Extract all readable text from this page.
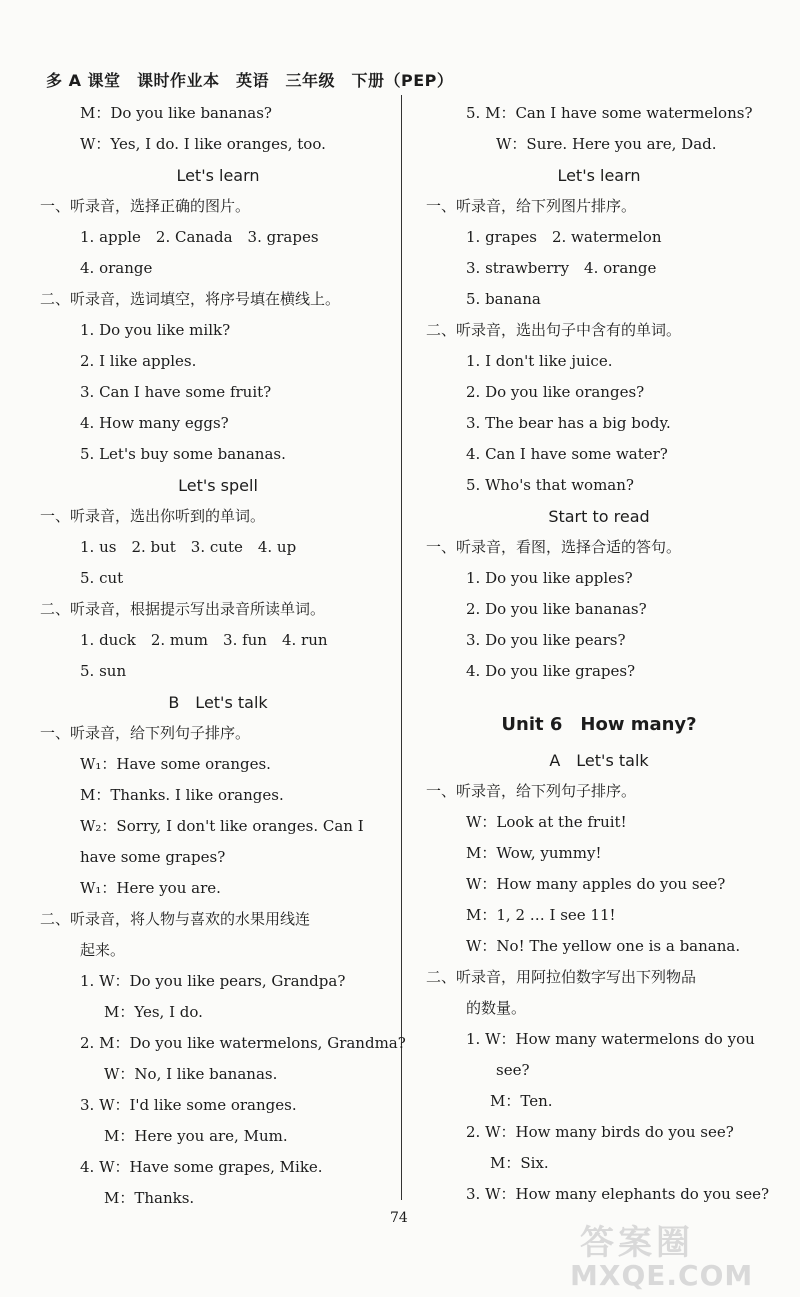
多 A 课堂　课时作业本　英语　三年级　下册（PEP）
M：Do you like bananas?
W：Yes, I do. I like oranges, too.
Let's learn
一、听录音，选择正确的图片。
1. apple　2. Canada　3. grapes
4. orange
二、听录音，选词填空，将序号填在横线上。
1. Do you like milk?
2. I like apples.
3. Can I have some fruit?
4. How many eggs?
5. Let's buy some bananas.
Let's spell
一、听录音，选出你听到的单词。
1. us　2. but　3. cute　4. up
5. cut
二、听录音，根据提示写出录音所读单词。
1. duck　2. mum　3. fun　4. run
5. sun
B　Let's talk
一、听录音，给下列句子排序。
W₁：Have some oranges.
M：Thanks. I like oranges.
W₂：Sorry, I don't like oranges. Can I
have some grapes?
W₁：Here you are.
二、听录音，将人物与喜欢的水果用线连
起来。
1. W：Do you like pears, Grandpa?
M：Yes, I do.
2. M：Do you like watermelons, Grandma?
W：No, I like bananas.
3. W：I'd like some oranges.
M：Here you are, Mum.
4. W：Have some grapes, Mike.
M：Thanks.
5. M：Can I have some watermelons?
W：Sure. Here you are, Dad.
Let's learn
一、听录音，给下列图片排序。
1. grapes　2. watermelon
3. strawberry　4. orange
5. banana
二、听录音，选出句子中含有的单词。
1. I don't like juice.
2. Do you like oranges?
3. The bear has a big body.
4. Can I have some water?
5. Who's that woman?
Start to read
一、听录音，看图，选择合适的答句。
1. Do you like apples?
2. Do you like bananas?
3. Do you like pears?
4. Do you like grapes?
Unit 6　How many?
A　Let's talk
一、听录音，给下列句子排序。
W：Look at the fruit!
M：Wow, yummy!
W：How many apples do you see?
M：1, 2 … I see 11!
W：No! The yellow one is a banana.
二、听录音，用阿拉伯数字写出下列物品
的数量。
1. W：How many watermelons do you
see?
M：Ten.
2. W：How many birds do you see?
M：Six.
3. W：How many elephants do you see?
74
答案圈
MXQE.COM
